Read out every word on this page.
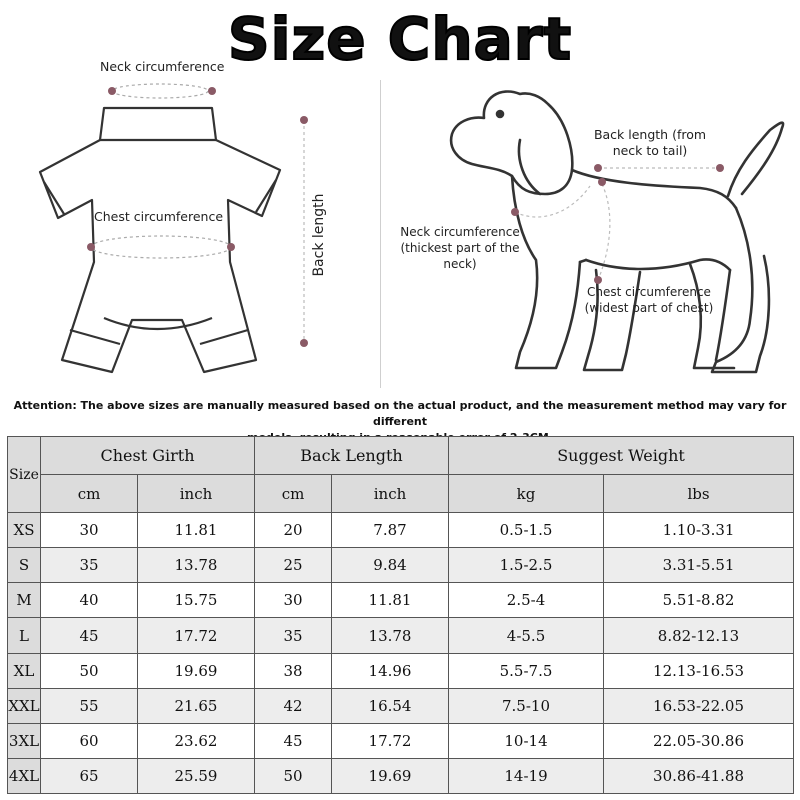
Size Chart
Neck circumference
Chest circumference	Back length
Back length (from
neck to tail)
Neck circumference
(thickest part of the
neck)
Chest circumference
(widest part of chest)
Attention: The above sizes are manually measured based on the actual product, and the measurement method may vary for different
models, resulting in a reasonable error of 2-3CM.
Size	Chest Girth		Back Length		Suggest Weight	
	cm	inch	cm	inch	kg	lbs
XS	30	11.81	20	7.87	0.5-1.5	1.10-3.31
S	35	13.78	25	9.84	1.5-2.5	3.31-5.51
M	40	15.75	30	11.81	2.5-4	5.51-8.82
L	45	17.72	35	13.78	4-5.5	8.82-12.13
XL	50	19.69	38	14.96	5.5-7.5	12.13-16.53
XXL	55	21.65	42	16.54	7.5-10	16.53-22.05
3XL	60	23.62	45	17.72	10-14	22.05-30.86
4XL	65	25.59	50	19.69	14-19	30.86-41.88
